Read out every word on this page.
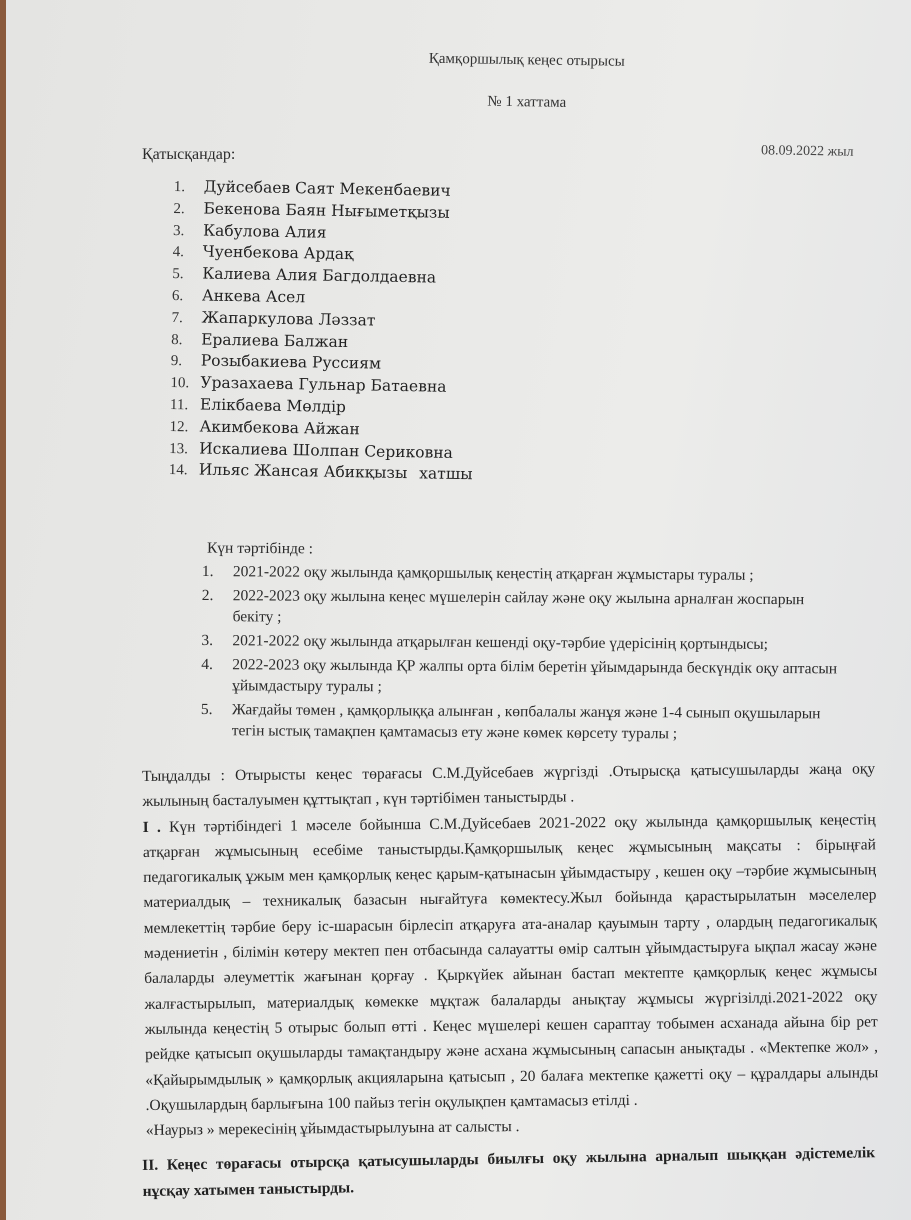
Қамқоршылық кеңес отырысы
№ 1 хаттама
Қатысқандар:	08.09.2022 жыл
1. Дуйсебаев Саят Мекенбаевич
2. Бекенова Баян Нығыметқызы
3. Кабулова Алия
4. Чуенбекова Ардақ
5. Калиева Алия Багдолдаевна
6. Анкева Асел
7. Жапаркулова Ләззат
8. Ералиева Балжан
9. Розыбакиева Руссиям
10. Уразахаева Гульнар Батаевна
11. Елікбаева Мөлдір
12. Акимбекова Айжан
13. Искалиева Шолпан Сериковна
14. Ильяс Жансая Абикқызы хатшы
Күн тәртібінде :
1. 2021-2022 оқу жылында қамқоршылық кеңестің атқарған жұмыстары туралы ;
2. 2022-2023 оқу жылына кеңес мүшелерін сайлау және оқу жылына арналған жоспарын бекіту ;
3. 2021-2022 оқу жылында атқарылған кешенді оқу-тәрбие үдерісінің қортындысы;
4. 2022-2023 оқу жылында ҚР жалпы орта білім беретін ұйымдарында бескүндік оқу аптасын ұйымдастыру туралы ;
5. Жағдайы төмен , қамқорлыққа алынған , көпбалалы жанұя және 1-4 сынып оқушыларын тегін ыстық тамақпен қамтамасыз ету және көмек көрсету туралы ;

Тыңдалды : Отырысты кеңес төрағасы С.М.Дуйсебаев жүргізді .Отырысқа қатысушыларды жаңа оқу жылының басталуымен құттықтап , күн тәртібімен таныстырды .

І . Күн тәртібіндегі 1 мәселе бойынша С.М.Дуйсебаев 2021-2022 оқу жылында қамқоршылық кеңестің атқарған жұмысының есебіме таныстырды.Қамқоршылық кеңес жұмысының мақсаты : бірыңғай педагогикалық ұжым мен қамқорлық кеңес қарым-қатынасын ұйымдастыру , кешен оқу –тәрбие жұмысының материалдық – техникалық базасын нығайтуға көмектесу.Жыл бойында қарастырылатын мәселелер мемлекеттің тәрбие беру іс-шарасын бірлесіп атқаруға ата-аналар қауымын тарту , олардың педагогикалық мәдениетін , білімін көтеру мектеп пен отбасында салауатты өмір салтын ұйымдастыруға ықпал жасау және балаларды әлеуметтік жағынан қорғау . Қыркүйек айынан бастап мектепте қамқорлық кеңес жұмысы жалғастырылып, материалдық көмекке мұқтаж балаларды анықтау жұмысы жүргізілді.2021-2022 оқу жылында кеңестің 5 отырыс болып өтті . Кеңес мүшелері кешен сараптау тобымен асханада айына бір рет рейдке қатысып оқушыларды тамақтандыру және асхана жұмысының сапасын анықтады . «Мектепке жол» , «Қайырымдылық » қамқорлық акцияларына қатысып , 20 балаға мектепке қажетті оқу – құралдары алынды .Оқушылардың барлығына 100 пайыз тегін оқулықпен қамтамасыз етілді .

«Наурыз » мерекесінің ұйымдастырылуына ат салысты .

ІІ. Кеңес төрағасы отырсқа қатысушыларды биылғы оқу жылына арналып шыққан әдістемелік нұсқау хатымен таныстырды.
